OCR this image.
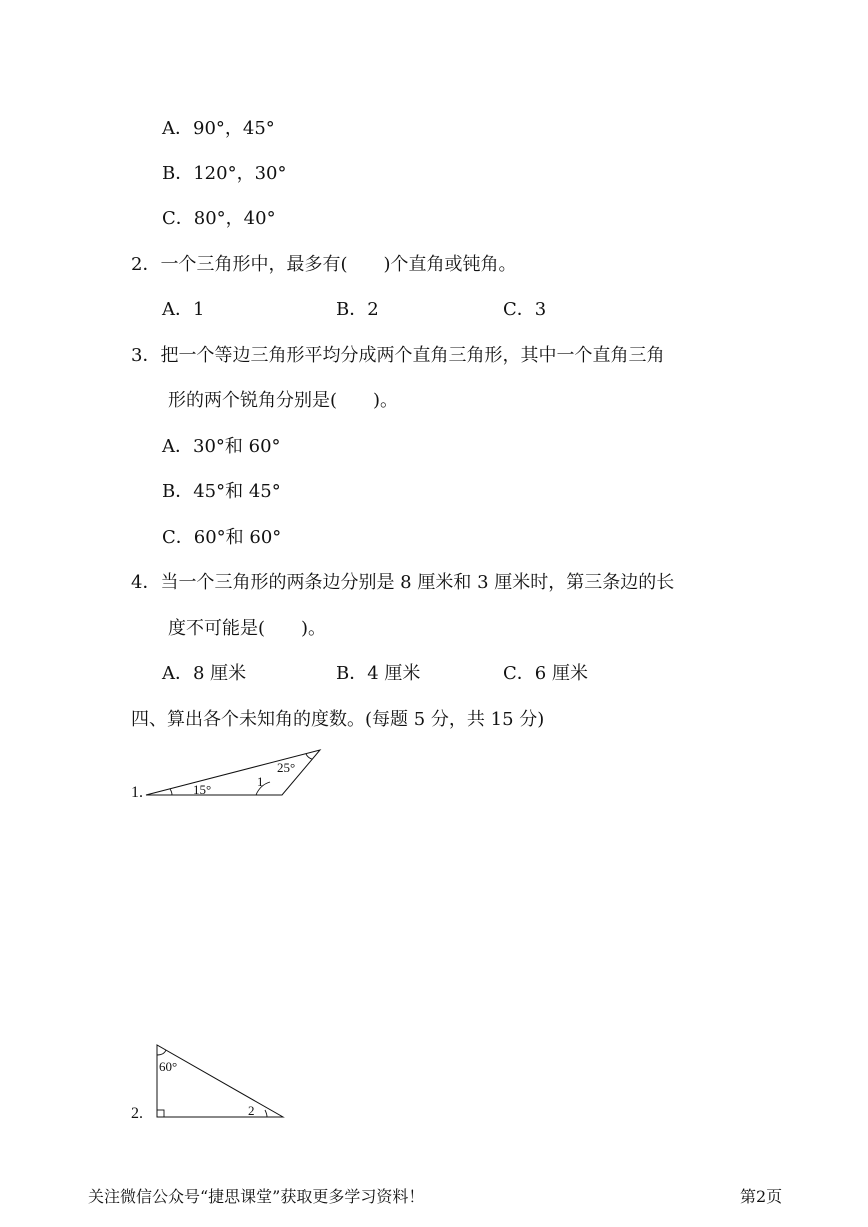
A．90°，45°
B．120°，30°
C．80°，40°
2．一个三角形中，最多有(　　)个直角或钝角。
A．1	B．2	C．3
3．把一个等边三角形平均分成两个直角三角形，其中一个直角三角
形的两个锐角分别是(　　)。
A．30°和 60°
B．45°和 45°
C．60°和 60°
4．当一个三角形的两条边分别是 8 厘米和 3 厘米时，第三条边的长
度不可能是(　　)。
A．8 厘米	B．4 厘米	C．6 厘米
四、算出各个未知角的度数。(每题 5 分，共 15 分)
1.	15°
1
25°
2.
60°
2
关注微信公众号“捷思课堂”获取更多学习资料！	第2页
